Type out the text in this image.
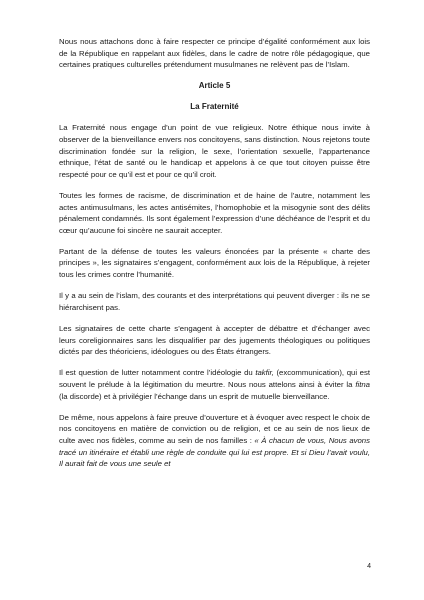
Nous nous attachons donc à faire respecter ce principe d’égalité conformément aux lois de la République en rappelant aux fidèles, dans le cadre de notre rôle pédagogique, que certaines pratiques culturelles prétendument musulmanes ne relèvent pas de l’Islam.

Article 5
La Fraternité

La Fraternité nous engage d’un point de vue religieux. Notre éthique nous invite à observer de la bienveillance envers nos concitoyens, sans distinction. Nous rejetons toute discrimination fondée sur la religion, le sexe, l’orientation sexuelle, l’appartenance ethnique, l’état de santé ou le handicap et appelons à ce que tout citoyen puisse être respecté pour ce qu’il est et pour ce qu’il croit.

Toutes les formes de racisme, de discrimination et de haine de l’autre, notamment les actes antimusulmans, les actes antisémites, l’homophobie et la misogynie sont des délits pénalement condamnés. Ils sont également l’expression d’une déchéance de l’esprit et du cœur qu’aucune foi sincère ne saurait accepter.

Partant de la défense de toutes les valeurs énoncées par la présente « charte des principes », les signataires s’engagent, conformément aux lois de la République, à rejeter tous les crimes contre l’humanité.

Il y a au sein de l’islam, des courants et des interprétations qui peuvent diverger : ils ne se hiérarchisent pas.

Les signataires de cette charte s’engagent à accepter de débattre et d’échanger avec leurs coreligionnaires sans les disqualifier par des jugements théologiques ou politiques dictés par des théoriciens, idéologues ou des États étrangers.

Il est question de lutter notamment contre l’idéologie du takfir, (excommunication), qui est souvent le prélude à la légitimation du meurtre. Nous nous attelons ainsi à éviter la fitna (la discorde) et à privilégier l’échange dans un esprit de mutuelle bienveillance.

De même, nous appelons à faire preuve d’ouverture et à évoquer avec respect le choix de nos concitoyens en matière de conviction ou de religion, et ce au sein de nos lieux de culte avec nos fidèles, comme au sein de nos familles : « À chacun de vous, Nous avons tracé un itinéraire et établi une règle de conduite qui lui est propre. Et si Dieu l’avait voulu, Il aurait fait de vous une seule et

4
